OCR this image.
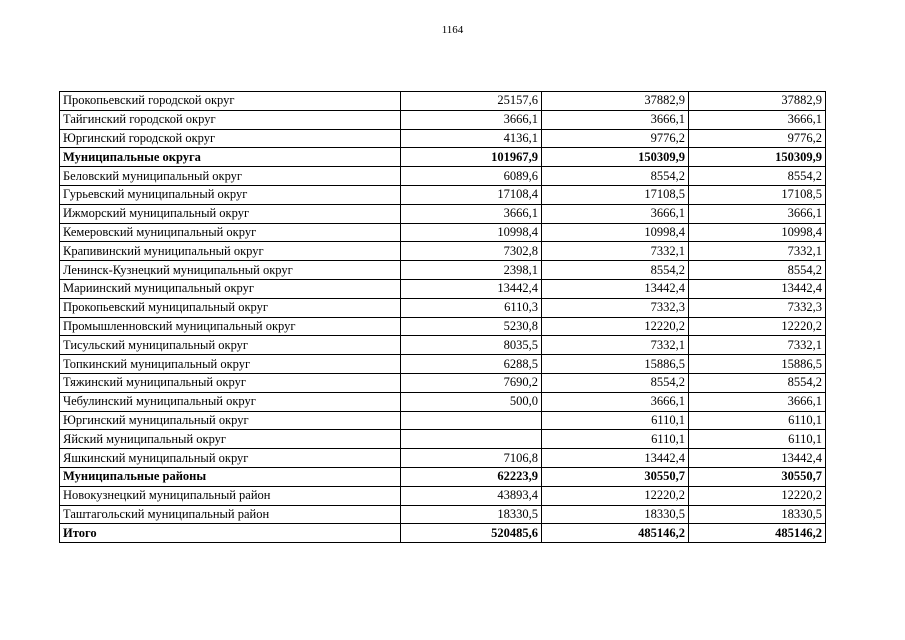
1164
Прокопьевский городской округ	25157,6	37882,9	37882,9
Тайгинский городской округ	3666,1	3666,1	3666,1
Юргинский городской округ	4136,1	9776,2	9776,2
Муниципальные округа	101967,9	150309,9	150309,9
Беловский муниципальный округ	6089,6	8554,2	8554,2
Гурьевский муниципальный округ	17108,4	17108,5	17108,5
Ижморский муниципальный округ	3666,1	3666,1	3666,1
Кемеровский муниципальный округ	10998,4	10998,4	10998,4
Крапивинский муниципальный округ	7302,8	7332,1	7332,1
Ленинск-Кузнецкий муниципальный округ	2398,1	8554,2	8554,2
Мариинский муниципальный округ	13442,4	13442,4	13442,4
Прокопьевский муниципальный округ	6110,3	7332,3	7332,3
Промышленновский муниципальный округ	5230,8	12220,2	12220,2
Тисульский муниципальный округ	8035,5	7332,1	7332,1
Топкинский муниципальный округ	6288,5	15886,5	15886,5
Тяжинский муниципальный округ	7690,2	8554,2	8554,2
Чебулинский муниципальный округ	500,0	3666,1	3666,1
Юргинский муниципальный округ		6110,1	6110,1
Яйский муниципальный округ		6110,1	6110,1
Яшкинский муниципальный округ	7106,8	13442,4	13442,4
Муниципальные районы	62223,9	30550,7	30550,7
Новокузнецкий муниципальный район	43893,4	12220,2	12220,2
Таштагольский муниципальный район	18330,5	18330,5	18330,5
Итого	520485,6	485146,2	485146,2
